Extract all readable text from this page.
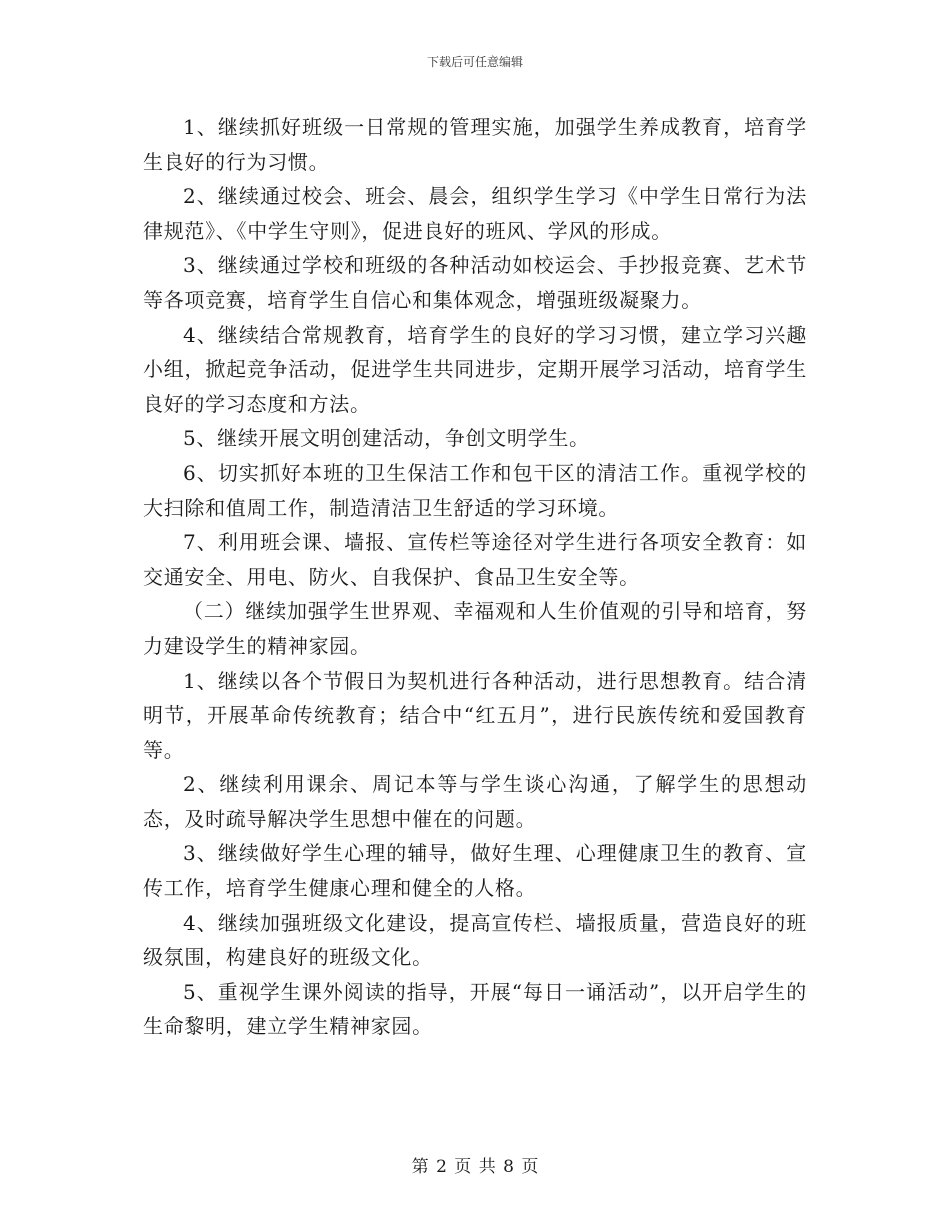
下载后可任意编辑

1、继续抓好班级一日常规的管理实施，加强学生养成教育，培育学生良好的行为习惯。

2、继续通过校会、班会、晨会，组织学生学习《中学生日常行为法律规范》、《中学生守则》，促进良好的班风、学风的形成。

3、继续通过学校和班级的各种活动如校运会、手抄报竞赛、艺术节等各项竞赛，培育学生自信心和集体观念，增强班级凝聚力。

4、继续结合常规教育，培育学生的良好的学习习惯，建立学习兴趣小组，掀起竞争活动，促进学生共同进步，定期开展学习活动，培育学生良好的学习态度和方法。

5、继续开展文明创建活动，争创文明学生。

6、切实抓好本班的卫生保洁工作和包干区的清洁工作。重视学校的大扫除和值周工作，制造清洁卫生舒适的学习环境。

7、利用班会课、墙报、宣传栏等途径对学生进行各项安全教育：如交通安全、用电、防火、自我保护、食品卫生安全等。

（二）继续加强学生世界观、幸福观和人生价值观的引导和培育，努力建设学生的精神家园。

1、继续以各个节假日为契机进行各种活动，进行思想教育。结合清明节，开展革命传统教育；结合中“红五月”，进行民族传统和爱国教育等。

2、继续利用课余、周记本等与学生谈心沟通，了解学生的思想动态，及时疏导解决学生思想中催在的问题。

3、继续做好学生心理的辅导，做好生理、心理健康卫生的教育、宣传工作，培育学生健康心理和健全的人格。

4、继续加强班级文化建设，提高宣传栏、墙报质量，营造良好的班级氛围，构建良好的班级文化。

5、重视学生课外阅读的指导，开展“每日一诵活动”，以开启学生的生命黎明，建立学生精神家园。

第 2 页 共 8 页
